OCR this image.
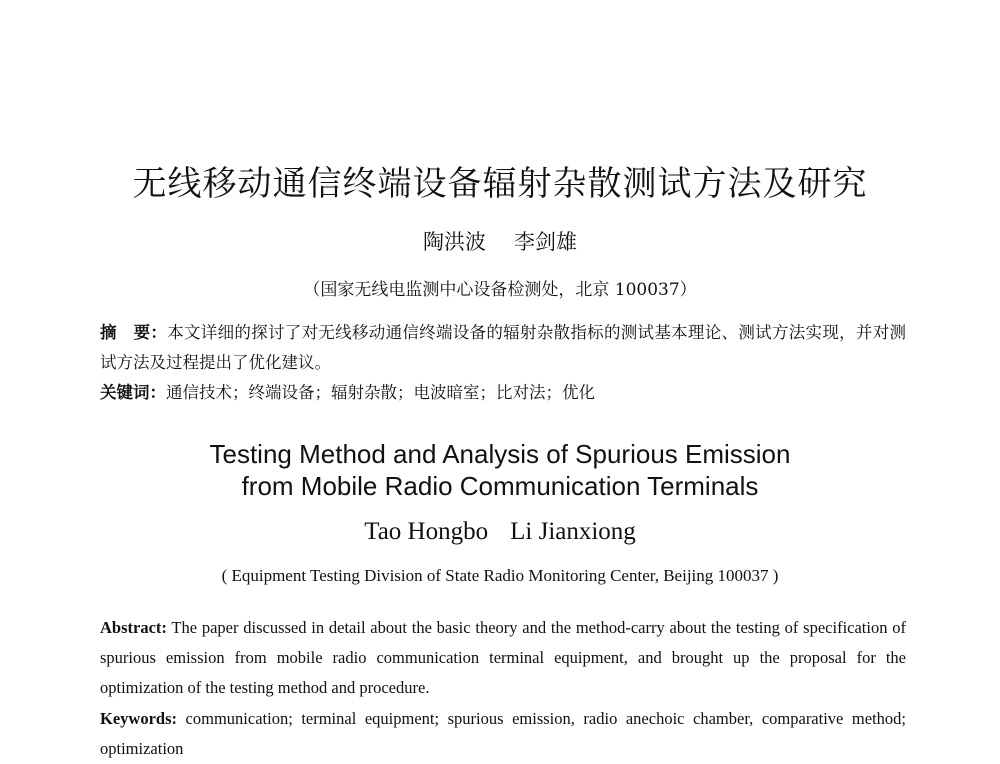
无线移动通信终端设备辐射杂散测试方法及研究
陶洪波 李剑雄
（国家无线电监测中心设备检测处，北京 100037）
摘　要：本文详细的探讨了对无线移动通信终端设备的辐射杂散指标的测试基本理论、测试方法实现，并对测试方法及过程提出了优化建议。
关键词：通信技术；终端设备；辐射杂散；电波暗室；比对法；优化
Testing Method and Analysis of Spurious Emission
from Mobile Radio Communication Terminals
Tao Hongbo Li Jianxiong
( Equipment Testing Division of State Radio Monitoring Center, Beijing 100037 )
Abstract: The paper discussed in detail about the basic theory and the method-carry about the testing of specification of spurious emission from mobile radio communication terminal equipment, and brought up the proposal for the optimization of the testing method and procedure.
Keywords: communication; terminal equipment; spurious emission, radio anechoic chamber, comparative method; optimization
